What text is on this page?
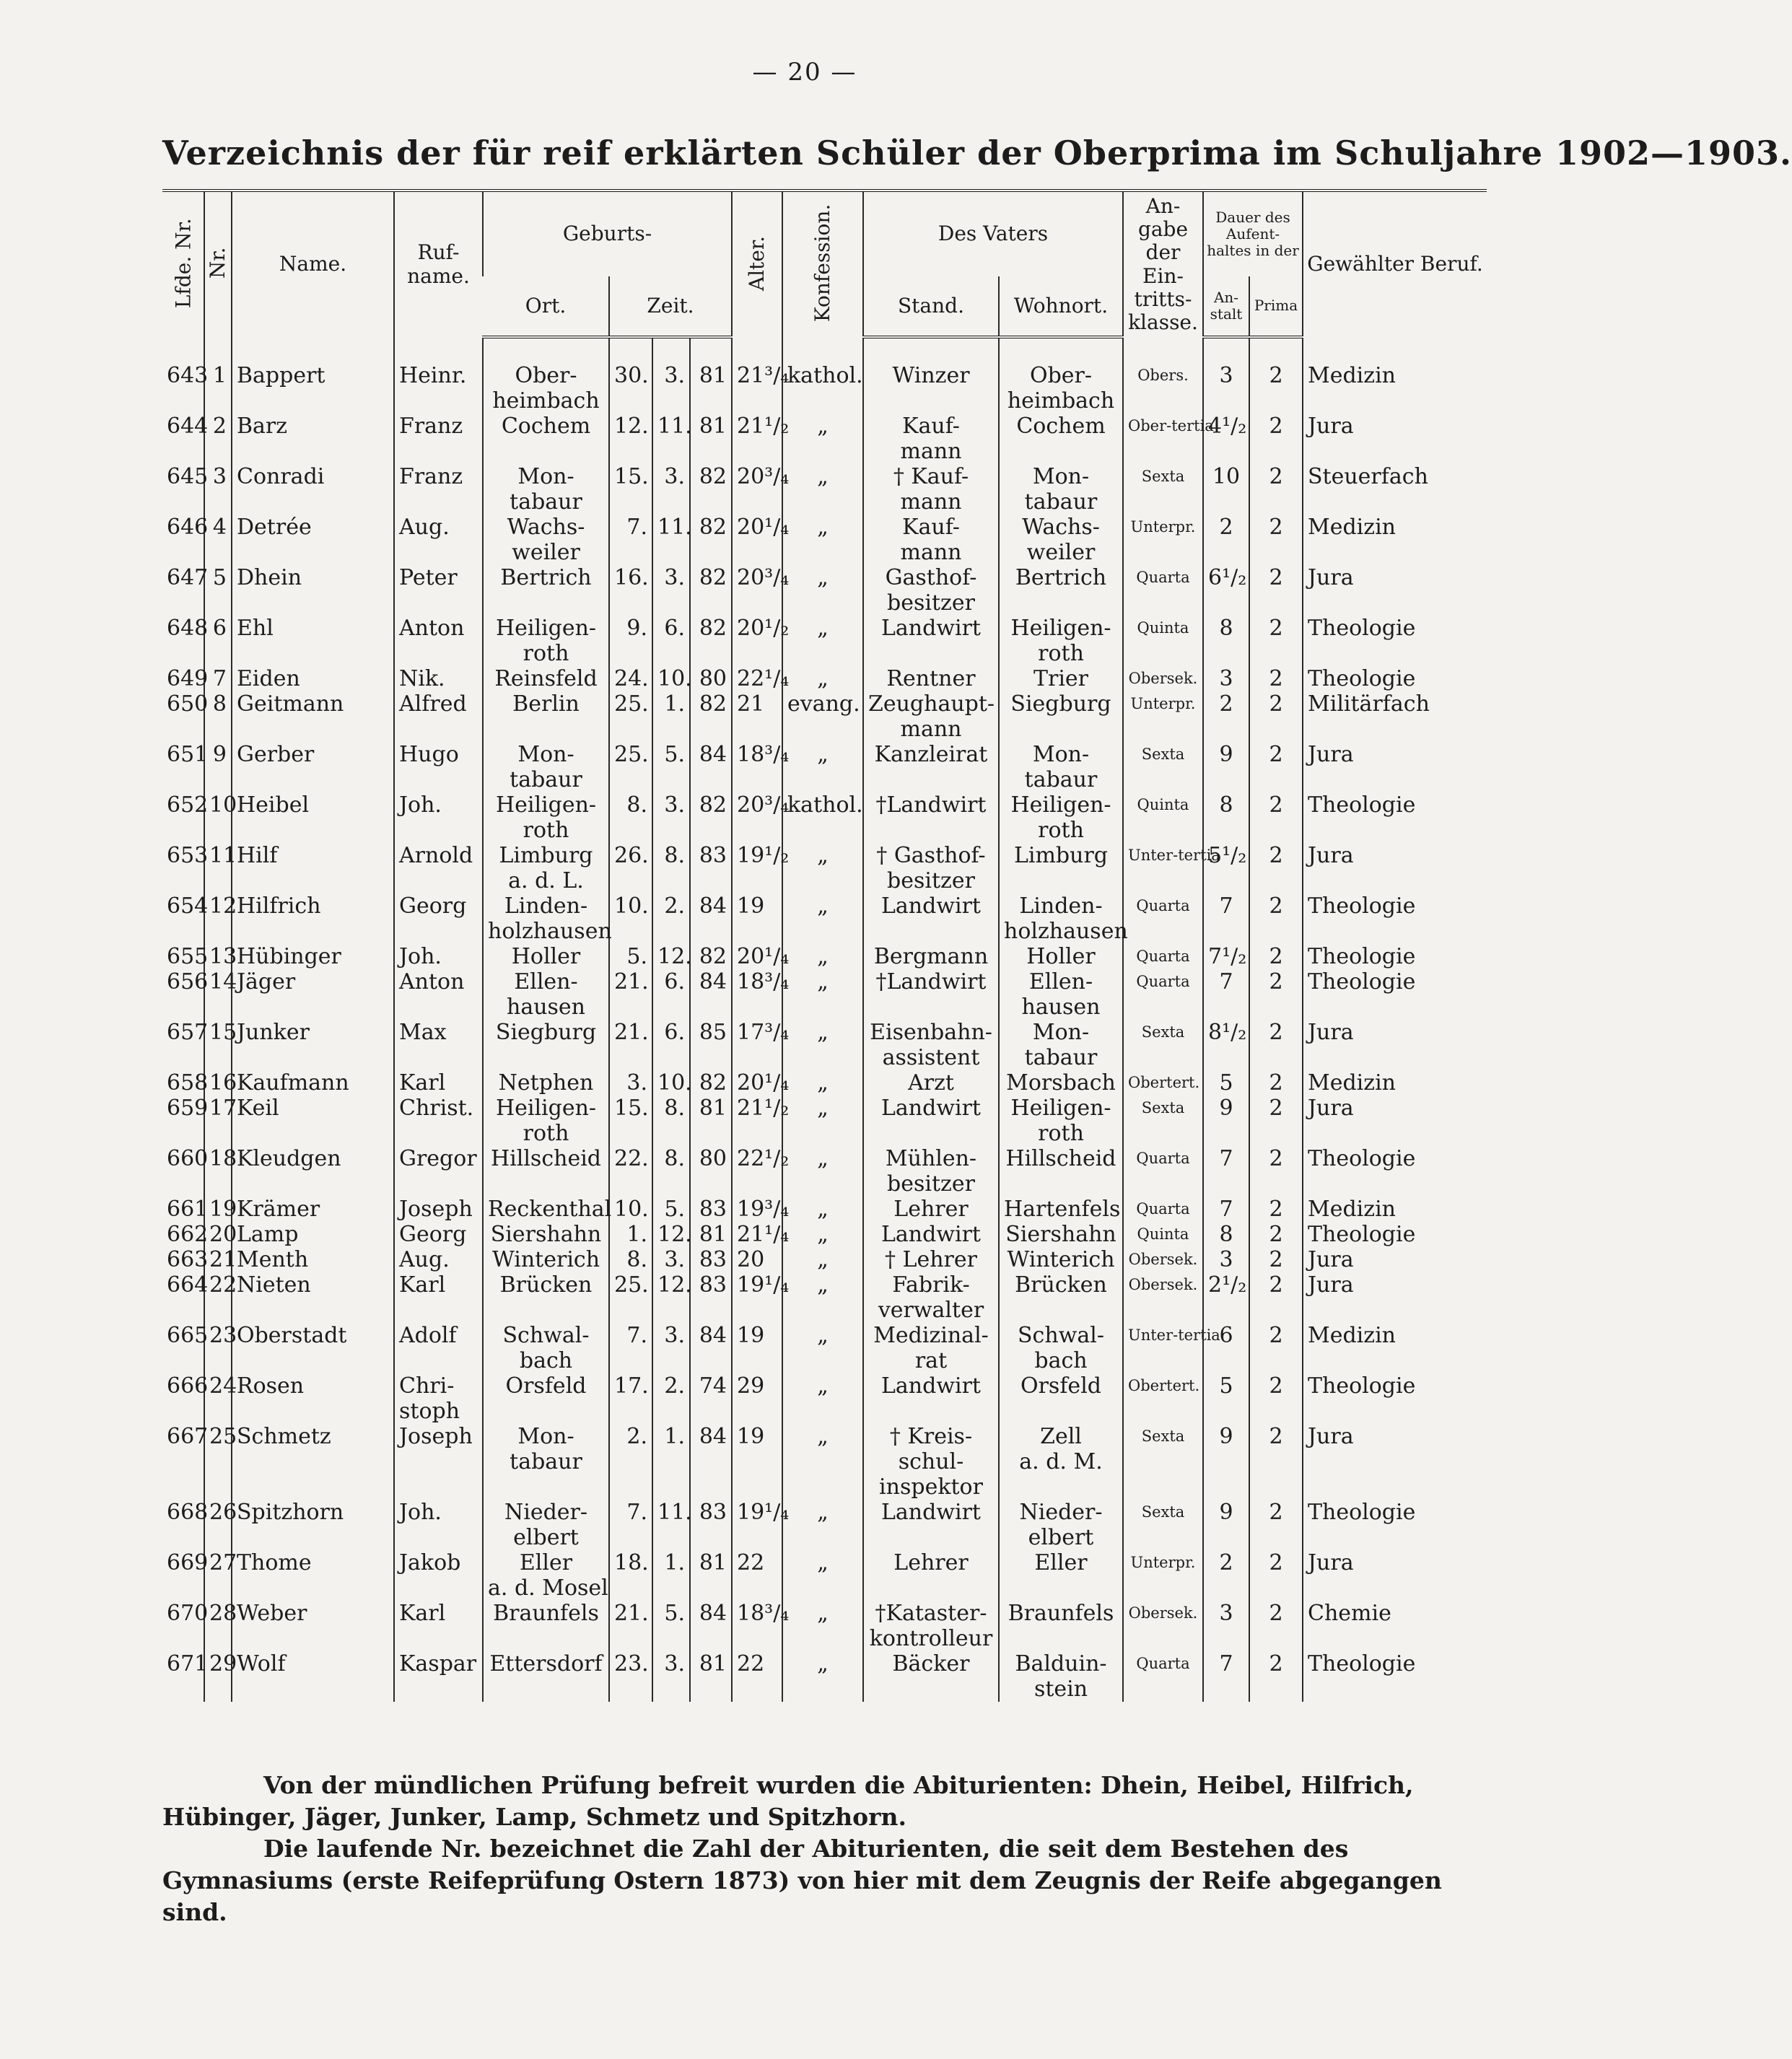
— 20 —
Verzeichnis der für reif erklärten Schüler der Oberprima im Schuljahre 1902—1903.
Lfde. Nr.	Nr.	Name.	Ruf-name.	Geburts-				Alter.	Konfession.	Des Vaters		An-gabe der Ein-tritts-klasse.	Dauer des Aufent-haltes in der		Gewählter Beruf.
				Ort.	Zeit.					Stand.	Wohnort.		An-stalt	Prima	

643	1	Bappert	Heinr.	Ober-
heimbach	30.	3.	81	21³/₄	kathol.	Winzer	Ober-
heimbach	Obers.	3	2	Medizin

644	2	Barz	Franz	Cochem	12.	11.	81	21¹/₂	„	Kauf-
mann	Cochem	Ober-tertia	4¹/₂	2	Jura

645	3	Conradi	Franz	Mon-
tabaur	15.	3.	82	20³/₄	„	† Kauf-
mann	Mon-
tabaur	Sexta	10	2	Steuerfach

646	4	Detrée	Aug.	Wachs-
weiler	7.	11.	82	20¹/₄	„	Kauf-
mann	Wachs-
weiler	Unterpr.	2	2	Medizin

647	5	Dhein	Peter	Bertrich	16.	3.	82	20³/₄	„	Gasthof-
besitzer	Bertrich	Quarta	6¹/₂	2	Jura

648	6	Ehl	Anton	Heiligen-
roth	9.	6.	82	20¹/₂	„	Landwirt	Heiligen-
roth	Quinta	8	2	Theologie

649	7	Eiden	Nik.	Reinsfeld	24.	10.	80	22¹/₄	„	Rentner	Trier	Obersek.	3	2	Theologie

650	8	Geitmann	Alfred	Berlin	25.	1.	82	21	evang.	Zeughaupt-
mann	Siegburg	Unterpr.	2	2	Militärfach

651	9	Gerber	Hugo	Mon-
tabaur	25.	5.	84	18³/₄	„	Kanzleirat	Mon-
tabaur	Sexta	9	2	Jura

652	10	Heibel	Joh.	Heiligen-
roth	8.	3.	82	20³/₄	kathol.	†Landwirt	Heiligen-
roth	Quinta	8	2	Theologie

653	11	Hilf	Arnold	Limburg
a. d. L.	26.	8.	83	19¹/₂	„	† Gasthof-
besitzer	Limburg	Unter-tertia	5¹/₂	2	Jura

654	12	Hilfrich	Georg	Linden-
holzhausen	10.	2.	84	19	„	Landwirt	Linden-
holzhausen	Quarta	7	2	Theologie

655	13	Hübinger	Joh.	Holler	5.	12.	82	20¹/₄	„	Bergmann	Holler	Quarta	7¹/₂	2	Theologie

656	14	Jäger	Anton	Ellen-
hausen	21.	6.	84	18³/₄	„	†Landwirt	Ellen-
hausen	Quarta	7	2	Theologie

657	15	Junker	Max	Siegburg	21.	6.	85	17³/₄	„	Eisenbahn-
assistent	Mon-
tabaur	Sexta	8¹/₂	2	Jura

658	16	Kaufmann	Karl	Netphen	3.	10.	82	20¹/₄	„	Arzt	Morsbach	Obertert.	5	2	Medizin

659	17	Keil	Christ.	Heiligen-
roth	15.	8.	81	21¹/₂	„	Landwirt	Heiligen-
roth	Sexta	9	2	Jura

660	18	Kleudgen	Gregor	Hillscheid	22.	8.	80	22¹/₂	„	Mühlen-
besitzer	Hillscheid	Quarta	7	2	Theologie

661	19	Krämer	Joseph	Reckenthal	10.	5.	83	19³/₄	„	Lehrer	Hartenfels	Quarta	7	2	Medizin

662	20	Lamp	Georg	Siershahn	1.	12.	81	21¹/₄	„	Landwirt	Siershahn	Quinta	8	2	Theologie

663	21	Menth	Aug.	Winterich	8.	3.	83	20	„	† Lehrer	Winterich	Obersek.	3	2	Jura

664	22	Nieten	Karl	Brücken	25.	12.	83	19¹/₄	„	Fabrik-
verwalter	Brücken	Obersek.	2¹/₂	2	Jura

665	23	Oberstadt	Adolf	Schwal-
bach	7.	3.	84	19	„	Medizinal-
rat	Schwal-
bach	Unter-tertia	6	2	Medizin

666	24	Rosen	Chri-
stoph	Orsfeld	17.	2.	74	29	„	Landwirt	Orsfeld	Obertert.	5	2	Theologie

667	25	Schmetz	Joseph	Mon-
tabaur	2.	1.	84	19	„	† Kreis-
schul-
inspektor	Zell
a. d. M.	Sexta	9	2	Jura

668	26	Spitzhorn	Joh.	Nieder-
elbert	7.	11.	83	19¹/₄	„	Landwirt	Nieder-
elbert	Sexta	9	2	Theologie

669	27	Thome	Jakob	Eller
a. d. Mosel	18.	1.	81	22	„	Lehrer	Eller	Unterpr.	2	2	Jura

670	28	Weber	Karl	Braunfels	21.	5.	84	18³/₄	„	†Kataster-
kontrolleur	Braunfels	Obersek.	3	2	Chemie

671	29	Wolf	Kaspar	Ettersdorf	23.	3.	81	22	„	Bäcker	Balduin-
stein	Quarta	7	2	Theologie

Von der mündlichen Prüfung befreit wurden die Abiturienten: Dhein, Heibel, Hilfrich, Hübinger, Jäger, Junker, Lamp, Schmetz und Spitzhorn.

Die laufende Nr. bezeichnet die Zahl der Abiturienten, die seit dem Bestehen des Gymnasiums (erste Reifeprüfung Ostern 1873) von hier mit dem Zeugnis der Reife abgegangen sind.
